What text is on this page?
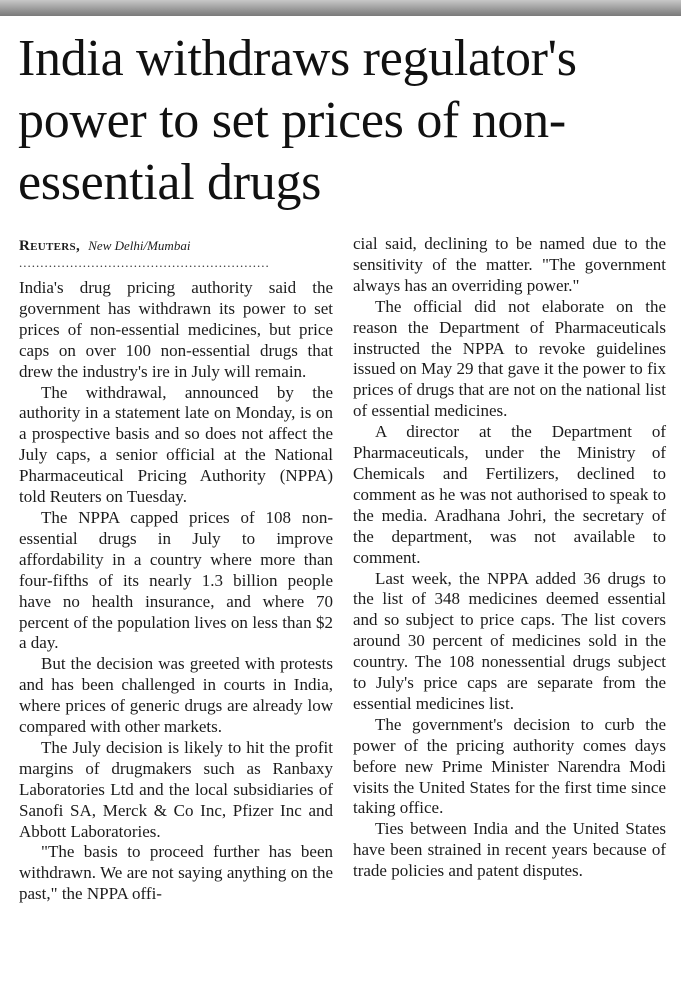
India withdraws regulator's power to set prices of non-essential drugs
Reuters, New Delhi/Mumbai
...........................................................

India's drug pricing authority said the government has withdrawn its power to set prices of non-essential medicines, but price caps on over 100 non-essential drugs that drew the industry's ire in July will remain.

The withdrawal, announced by the authority in a statement late on Monday, is on a prospective basis and so does not affect the July caps, a senior official at the National Pharmaceutical Pricing Authority (NPPA) told Reuters on Tuesday.

The NPPA capped prices of 108 non-essential drugs in July to improve affordability in a country where more than four-fifths of its nearly 1.3 billion people have no health insurance, and where 70 percent of the population lives on less than $2 a day.

But the decision was greeted with protests and has been challenged in courts in India, where prices of generic drugs are already low compared with other markets.

The July decision is likely to hit the profit margins of drugmakers such as Ranbaxy Laboratories Ltd and the local subsidiaries of Sanofi SA, Merck & Co Inc, Pfizer Inc and Abbott Laboratories.

"The basis to proceed further has been withdrawn. We are not saying anything on the past," the NPPA offi-

cial said, declining to be named due to the sensitivity of the matter. "The government always has an overriding power."

The official did not elaborate on the reason the Department of Pharmaceuticals instructed the NPPA to revoke guidelines issued on May 29 that gave it the power to fix prices of drugs that are not on the national list of essential medicines.

A director at the Department of Pharmaceuticals, under the Ministry of Chemicals and Fertilizers, declined to comment as he was not authorised to speak to the media. Aradhana Johri, the secretary of the department, was not available to comment.

Last week, the NPPA added 36 drugs to the list of 348 medicines deemed essential and so subject to price caps. The list covers around 30 percent of medicines sold in the country. The 108 nonessential drugs subject to July's price caps are separate from the essential medicines list.

The government's decision to curb the power of the pricing authority comes days before new Prime Minister Narendra Modi visits the United States for the first time since taking office.

Ties between India and the United States have been strained in recent years because of trade policies and patent disputes.
